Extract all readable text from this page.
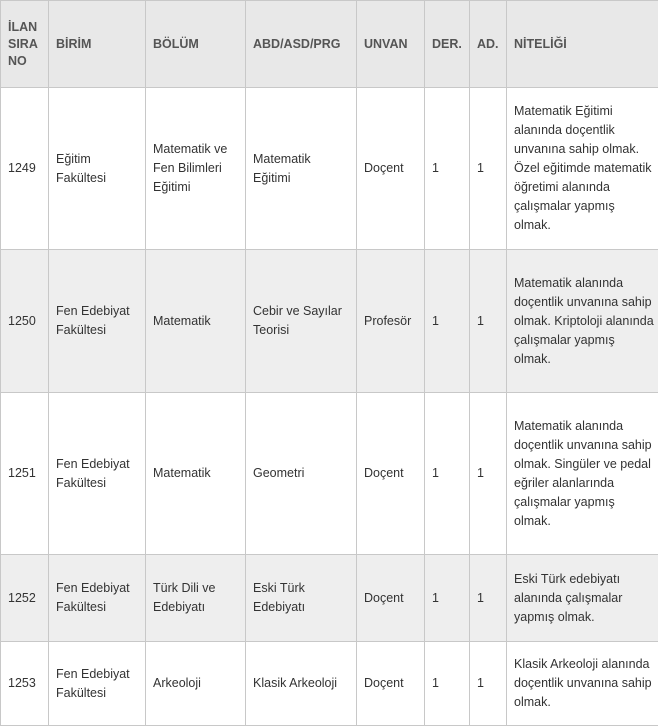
İLAN
SIRA
NO	BİRİM	BÖLÜM	ABD/ASD/PRG	UNVAN	DER.	AD.	NİTELİĞİ
1249	Eğitim Fakültesi	Matematik ve Fen Bilimleri Eğitimi	Matematik Eğitimi	Doçent	1	1	Matematik Eğitimi alanında doçentlik unvanına sahip olmak. Özel eğitimde matematik öğretimi alanında çalışmalar yapmış olmak.
1250	Fen Edebiyat Fakültesi	Matematik	Cebir ve Sayılar Teorisi	Profesör	1	1	Matematik alanında doçentlik unvanına sahip olmak. Kriptoloji alanında çalışmalar yapmış olmak.
1251	Fen Edebiyat Fakültesi	Matematik	Geometri	Doçent	1	1	Matematik alanında doçentlik unvanına sahip olmak. Singüler ve pedal eğriler alanlarında çalışmalar yapmış olmak.
1252	Fen Edebiyat Fakültesi	Türk Dili ve Edebiyatı	Eski Türk Edebiyatı	Doçent	1	1	Eski Türk edebiyatı alanında çalışmalar yapmış olmak.
1253	Fen Edebiyat Fakültesi	Arkeoloji	Klasik Arkeoloji	Doçent	1	1	Klasik Arkeoloji alanında doçentlik unvanına sahip olmak.
